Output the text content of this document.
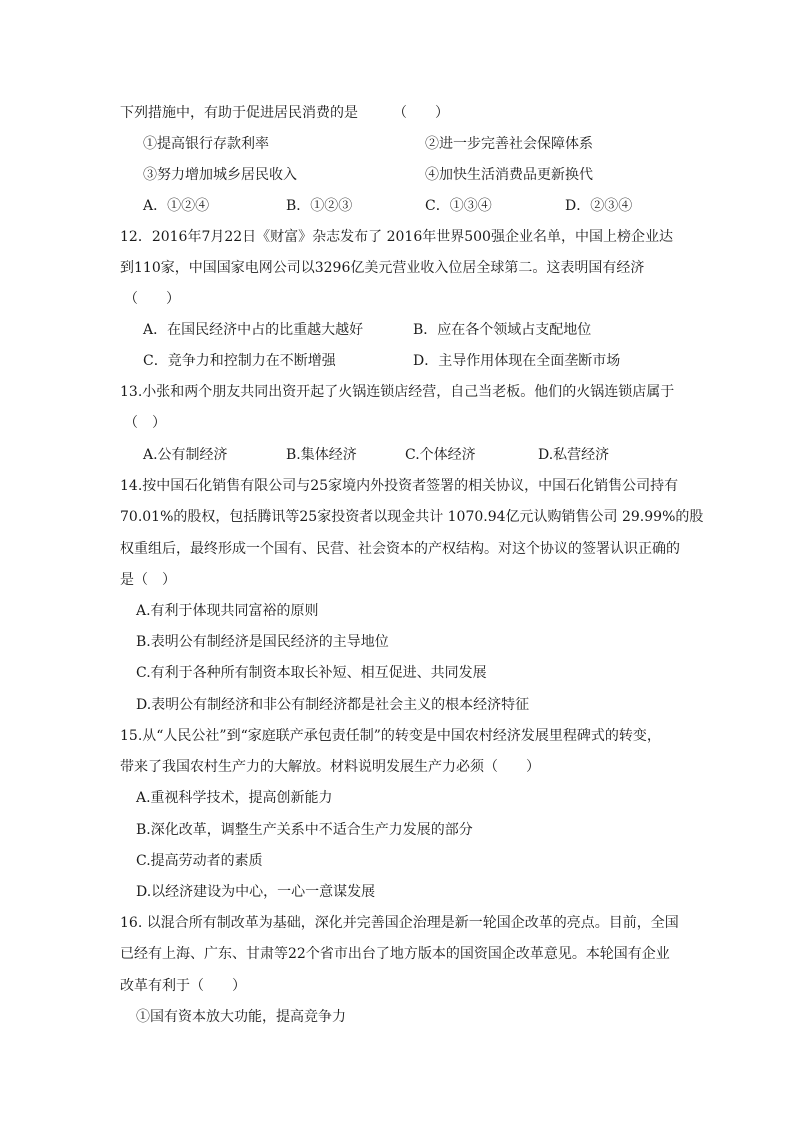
下列措施中，有助于促进居民消费的是　　　（　　）
①提高银行存款利率	②进一步完善社会保障体系
③努力增加城乡居民收入	④加快生活消费品更新换代
A．①②④	B．①②③	C．①③④	D．②③④
12．2016年7月22日《财富》杂志发布了 2016年世界500强企业名单，中国上榜企业达
到110家，中国国家电网公司以3296亿美元营业收入位居全球第二。这表明国有经济
（　　）
A．在国民经济中占的比重越大越好	B．应在各个领域占支配地位
C．竞争力和控制力在不断增强	D．主导作用体现在全面垄断市场
13.小张和两个朋友共同出资开起了火锅连锁店经营，自己当老板。他们的火锅连锁店属于
（　）
A.公有制经济	B.集体经济	C.个体经济	D.私营经济
14.按中国石化销售有限公司与25家境内外投资者签署的相关协议，中国石化销售公司持有
70.01%的股权，包括腾讯等25家投资者以现金共计 1070.94亿元认购销售公司 29.99%的股
权重组后，最终形成一个国有、民营、社会资本的产权结构。对这个协议的签署认识正确的
是（　）
A.有利于体现共同富裕的原则
B.表明公有制经济是国民经济的主导地位
C.有利于各种所有制资本取长补短、相互促进、共同发展
D.表明公有制经济和非公有制经济都是社会主义的根本经济特征
15.从“人民公社”到“家庭联产承包责任制”的转变是中国农村经济发展里程碑式的转变，
带来了我国农村生产力的大解放。材料说明发展生产力必须（　　）
A.重视科学技术，提高创新能力
B.深化改革，调整生产关系中不适合生产力发展的部分
C.提高劳动者的素质
D.以经济建设为中心，一心一意谋发展
16. 以混合所有制改革为基础，深化并完善国企治理是新一轮国企改革的亮点。目前，全国
已经有上海、广东、甘肃等22个省市出台了地方版本的国资国企改革意见。本轮国有企业
改革有利于（　　）
①国有资本放大功能，提高竞争力
